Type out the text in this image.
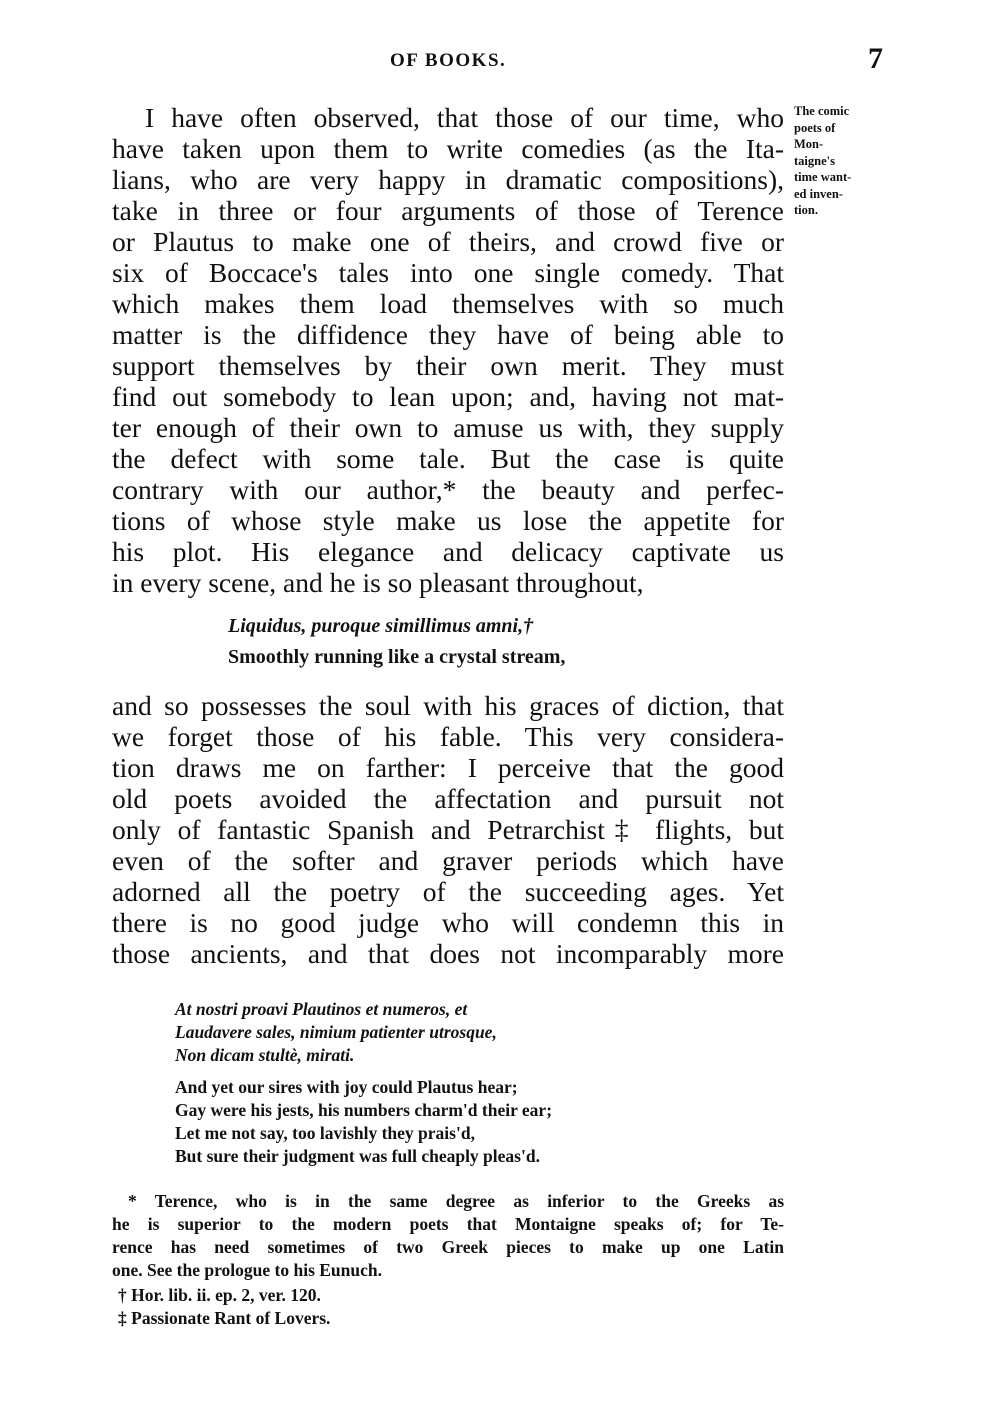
OF BOOKS.	7
The comic
poets of
Mon-
taigne's
time want-
ed inven-
tion.
I have often observed, that those of our time, who
have taken upon them to write comedies (as the Ita-
lians, who are very happy in dramatic compositions),
take in three or four arguments of those of Terence
or Plautus to make one of theirs, and crowd five or
six of Boccace's tales into one single comedy. That
which makes them load themselves with so much
matter is the diffidence they have of being able to
support themselves by their own merit. They must
find out somebody to lean upon; and, having not mat-
ter enough of their own to amuse us with, they supply
the defect with some tale. But the case is quite
contrary with our author,* the beauty and perfec-
tions of whose style make us lose the appetite for
his plot. His elegance and delicacy captivate us
in every scene, and he is so pleasant throughout,
Liquidus, puroque simillimus amni,†
Smoothly running like a crystal stream,
and so possesses the soul with his graces of diction, that
we forget those of his fable. This very considera-
tion draws me on farther: I perceive that the good
old poets avoided the affectation and pursuit not
only of fantastic Spanish and Petrarchist‡ flights, but
even of the softer and graver periods which have
adorned all the poetry of the succeeding ages. Yet
there is no good judge who will condemn this in
those ancients, and that does not incomparably more
At nostri proavi Plautinos et numeros, et
Laudavere sales, nimium patienter utrosque,
Non dicam stultè, mirati.
And yet our sires with joy could Plautus hear;
Gay were his jests, his numbers charm'd their ear;
Let me not say, too lavishly they prais'd,
But sure their judgment was full cheaply pleas'd.
* Terence, who is in the same degree as inferior to the Greeks as
he is superior to the modern poets that Montaigne speaks of; for Te-
rence has need sometimes of two Greek pieces to make up one Latin
one. See the prologue to his Eunuch.
† Hor. lib. ii. ep. 2, ver. 120.
‡ Passionate Rant of Lovers.
